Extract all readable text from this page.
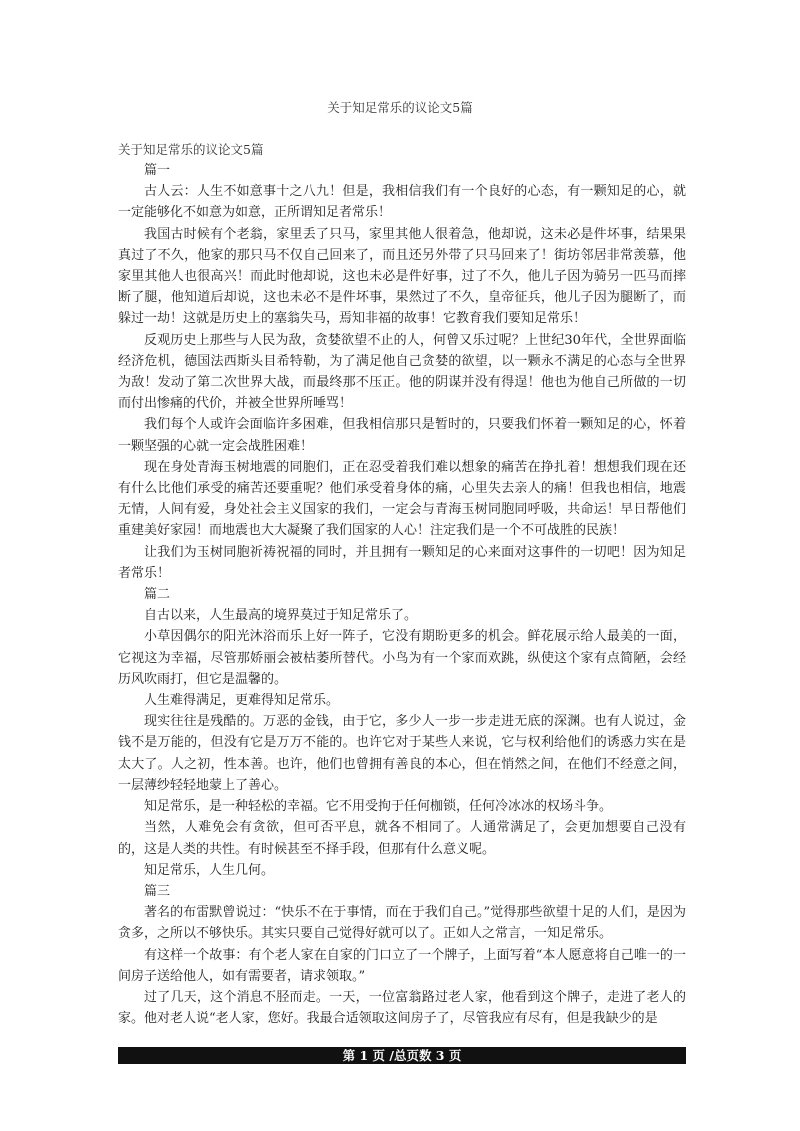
关于知足常乐的议论文5篇

关于知足常乐的议论文5篇

篇一

古人云：人生不如意事十之八九！但是，我相信我们有一个良好的心态，有一颗知足的心，就一定能够化不如意为如意，正所谓知足者常乐！

我国古时候有个老翁，家里丢了只马，家里其他人很着急，他却说，这未必是件坏事，结果果真过了不久，他家的那只马不仅自己回来了，而且还另外带了只马回来了！街坊邻居非常羡慕，他家里其他人也很高兴！而此时他却说，这也未必是件好事，过了不久，他儿子因为骑另一匹马而摔断了腿，他知道后却说，这也未必不是件坏事，果然过了不久，皇帝征兵，他儿子因为腿断了，而躲过一劫！这就是历史上的塞翁失马，焉知非福的故事！它教育我们要知足常乐！

反观历史上那些与人民为敌，贪婪欲望不止的人，何曾又乐过呢？上世纪30年代，全世界面临经济危机，德国法西斯头目希特勒，为了满足他自己贪婪的欲望，以一颗永不满足的心态与全世界为敌！发动了第二次世界大战，而最终那不压正。他的阴谋并没有得逞！他也为他自己所做的一切而付出惨痛的代价，并被全世界所唾骂！

我们每个人或许会面临许多困难，但我相信那只是暂时的，只要我们怀着一颗知足的心，怀着一颗坚强的心就一定会战胜困难！

现在身处青海玉树地震的同胞们，正在忍受着我们难以想象的痛苦在挣扎着！想想我们现在还有什么比他们承受的痛苦还要重呢？他们承受着身体的痛，心里失去亲人的痛！但我也相信，地震无情，人间有爱，身处社会主义国家的我们，一定会与青海玉树同胞同呼吸，共命运！早日帮他们重建美好家园！而地震也大大凝聚了我们国家的人心！注定我们是一个不可战胜的民族！

让我们为玉树同胞祈祷祝福的同时，并且拥有一颗知足的心来面对这事件的一切吧！因为知足者常乐！

篇二

自古以来，人生最高的境界莫过于知足常乐了。

小草因偶尔的阳光沐浴而乐上好一阵子，它没有期盼更多的机会。鲜花展示给人最美的一面，它视这为幸福，尽管那娇丽会被枯萎所替代。小鸟为有一个家而欢跳，纵使这个家有点简陋，会经历风吹雨打，但它是温馨的。

人生难得满足，更难得知足常乐。

现实往往是残酷的。万恶的金钱，由于它，多少人一步一步走进无底的深渊。也有人说过，金钱不是万能的，但没有它是万万不能的。也许它对于某些人来说，它与权利给他们的诱惑力实在是太大了。人之初，性本善。也许，他们也曾拥有善良的本心，但在悄然之间，在他们不经意之间，一层薄纱轻轻地蒙上了善心。

知足常乐，是一种轻松的幸福。它不用受拘于任何枷锁，任何冷冰冰的权场斗争。

当然，人难免会有贪欲，但可否平息，就各不相同了。人通常满足了，会更加想要自己没有的，这是人类的共性。有时候甚至不择手段，但那有什么意义呢。

知足常乐，人生几何。

篇三

著名的布雷默曾说过：“快乐不在于事情，而在于我们自己。”觉得那些欲望十足的人们，是因为贪多，之所以不够快乐。其实只要自己觉得好就可以了。正如人之常言，一知足常乐。

有这样一个故事：有个老人家在自家的门口立了一个牌子，上面写着“本人愿意将自己唯一的一间房子送给他人，如有需要者，请求领取。”

过了几天，这个消息不胫而走。一天，一位富翁路过老人家，他看到这个牌子，走进了老人的家。他对老人说“老人家，您好。我最合适领取这间房子了，尽管我应有尽有，但是我缺少的是

第 1 页 /总页数 3 页
